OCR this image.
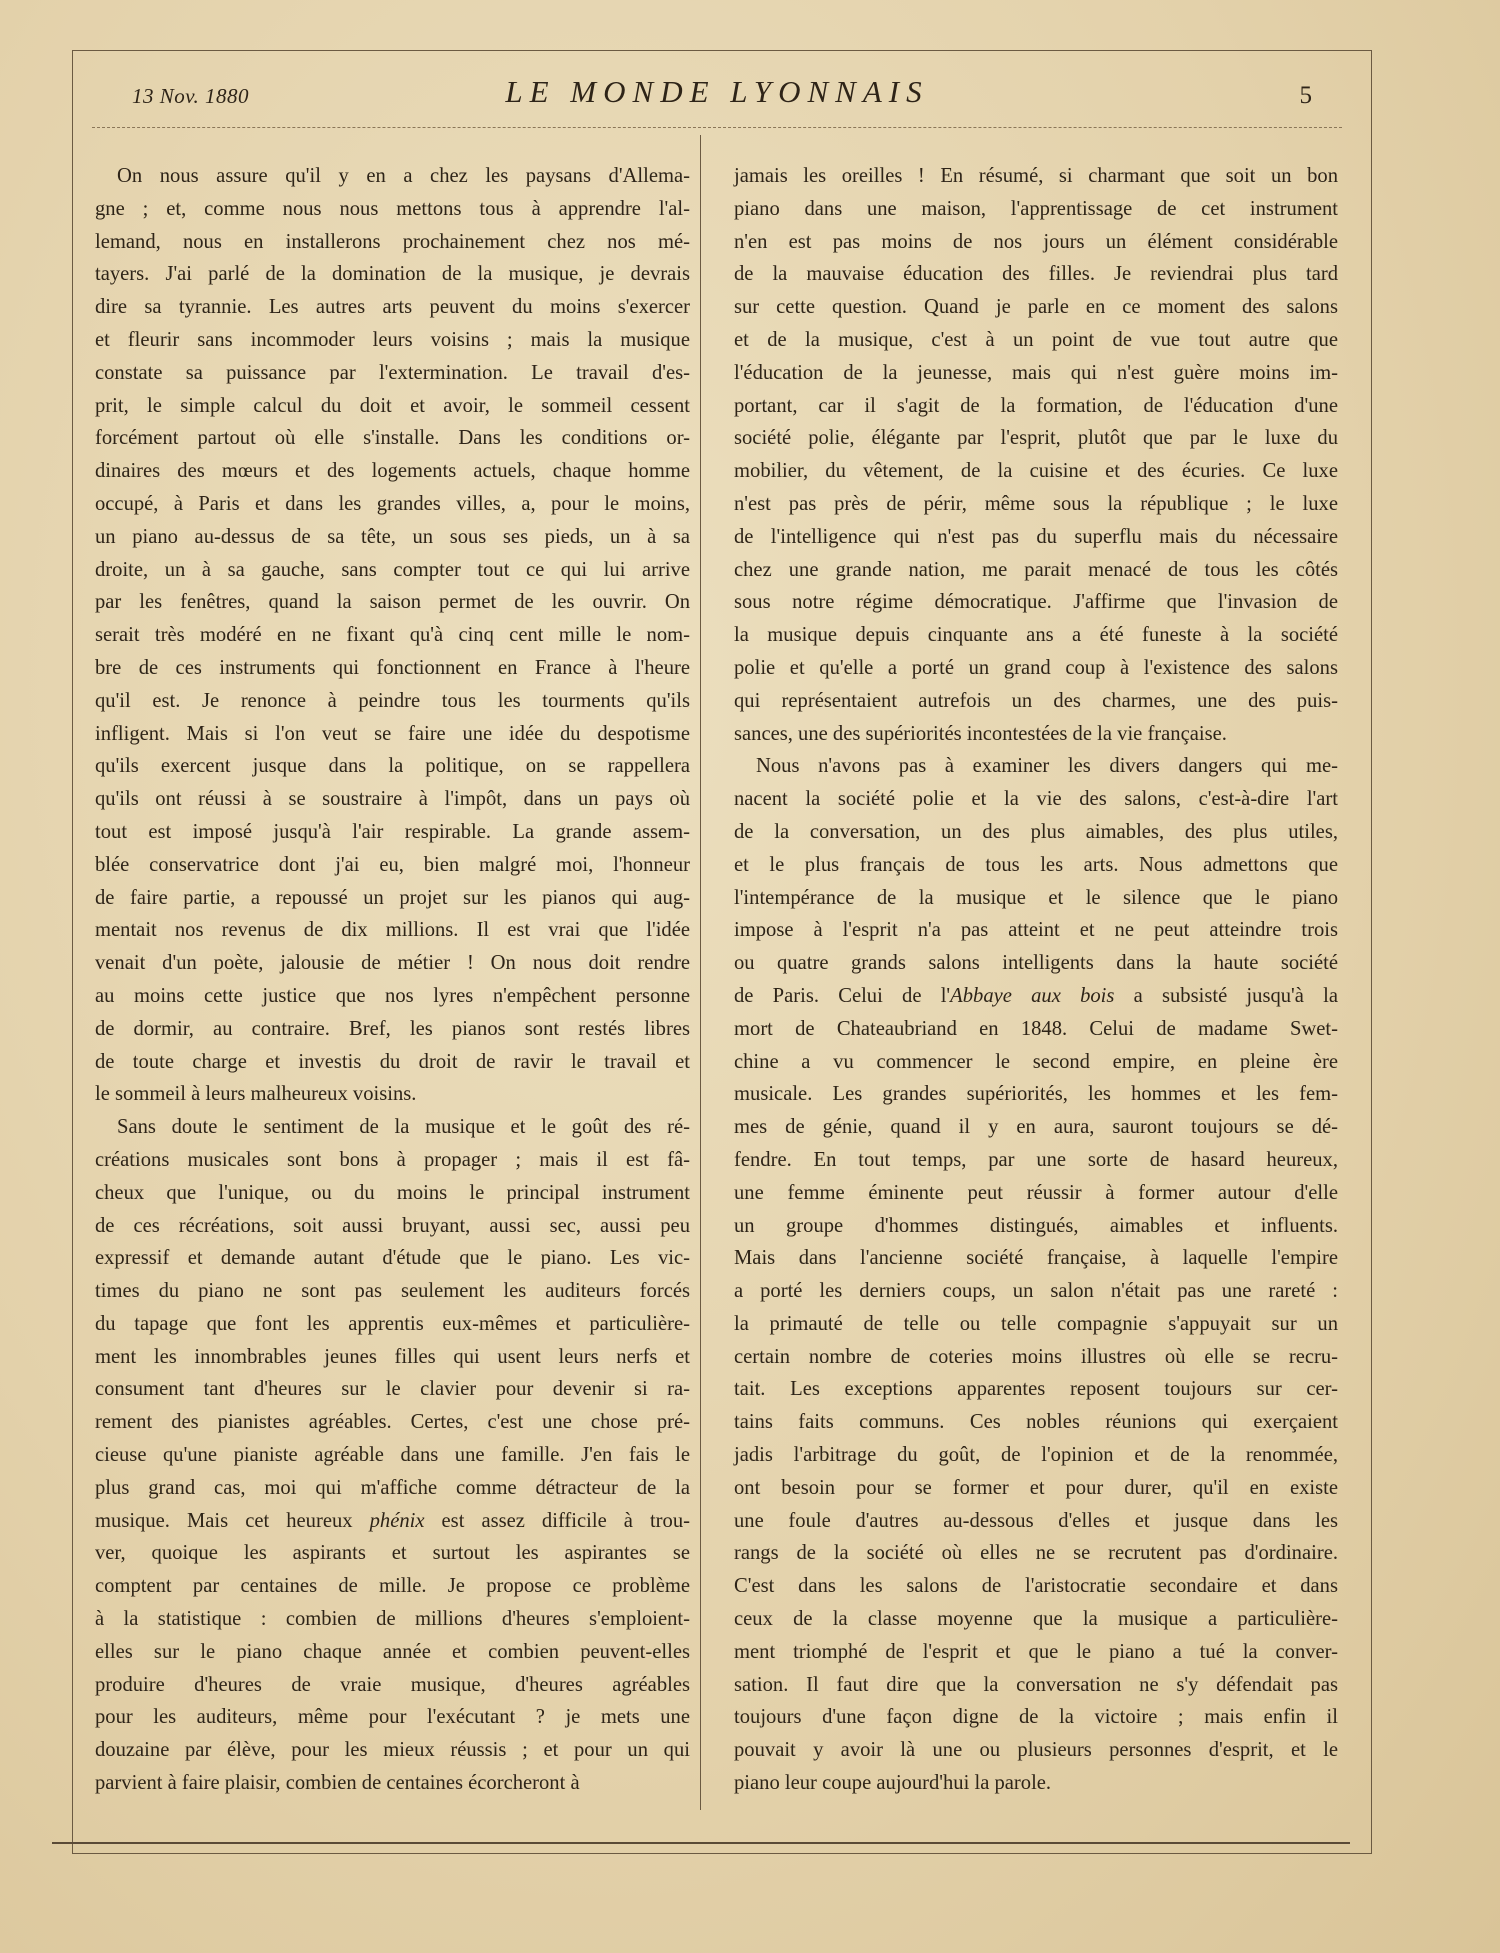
13 Nov. 1880	LE MONDE LYONNAIS	5
On nous assure qu'il y en a chez les paysans d'Allema-
gne ; et, comme nous nous mettons tous à apprendre l'al-
lemand, nous en installerons prochainement chez nos mé-
tayers. J'ai parlé de la domination de la musique, je devrais
dire sa tyrannie. Les autres arts peuvent du moins s'exercer
et fleurir sans incommoder leurs voisins ; mais la musique
constate sa puissance par l'extermination. Le travail d'es-
prit, le simple calcul du doit et avoir, le sommeil cessent
forcément partout où elle s'installe. Dans les conditions or-
dinaires des mœurs et des logements actuels, chaque homme
occupé, à Paris et dans les grandes villes, a, pour le moins,
un piano au-dessus de sa tête, un sous ses pieds, un à sa
droite, un à sa gauche, sans compter tout ce qui lui arrive
par les fenêtres, quand la saison permet de les ouvrir. On
serait très modéré en ne fixant qu'à cinq cent mille le nom-
bre de ces instruments qui fonctionnent en France à l'heure
qu'il est. Je renonce à peindre tous les tourments qu'ils
infligent. Mais si l'on veut se faire une idée du despotisme
qu'ils exercent jusque dans la politique, on se rappellera
qu'ils ont réussi à se soustraire à l'impôt, dans un pays où
tout est imposé jusqu'à l'air respirable. La grande assem-
blée conservatrice dont j'ai eu, bien malgré moi, l'honneur
de faire partie, a repoussé un projet sur les pianos qui aug-
mentait nos revenus de dix millions. Il est vrai que l'idée
venait d'un poète, jalousie de métier ! On nous doit rendre
au moins cette justice que nos lyres n'empêchent personne
de dormir, au contraire. Bref, les pianos sont restés libres
de toute charge et investis du droit de ravir le travail et
le sommeil à leurs malheureux voisins.
Sans doute le sentiment de la musique et le goût des ré-
créations musicales sont bons à propager ; mais il est fâ-
cheux que l'unique, ou du moins le principal instrument
de ces récréations, soit aussi bruyant, aussi sec, aussi peu
expressif et demande autant d'étude que le piano. Les vic-
times du piano ne sont pas seulement les auditeurs forcés
du tapage que font les apprentis eux-mêmes et particulière-
ment les innombrables jeunes filles qui usent leurs nerfs et
consument tant d'heures sur le clavier pour devenir si ra-
rement des pianistes agréables. Certes, c'est une chose pré-
cieuse qu'une pianiste agréable dans une famille. J'en fais le
plus grand cas, moi qui m'affiche comme détracteur de la
musique. Mais cet heureux phénix est assez difficile à trou-
ver, quoique les aspirants et surtout les aspirantes se
comptent par centaines de mille. Je propose ce problème
à la statistique : combien de millions d'heures s'emploient-
elles sur le piano chaque année et combien peuvent-elles
produire d'heures de vraie musique, d'heures agréables
pour les auditeurs, même pour l'exécutant ? je mets une
douzaine par élève, pour les mieux réussis ; et pour un qui
parvient à faire plaisir, combien de centaines écorcheront à
jamais les oreilles ! En résumé, si charmant que soit un bon
piano dans une maison, l'apprentissage de cet instrument
n'en est pas moins de nos jours un élément considérable
de la mauvaise éducation des filles. Je reviendrai plus tard
sur cette question. Quand je parle en ce moment des salons
et de la musique, c'est à un point de vue tout autre que
l'éducation de la jeunesse, mais qui n'est guère moins im-
portant, car il s'agit de la formation, de l'éducation d'une
société polie, élégante par l'esprit, plutôt que par le luxe du
mobilier, du vêtement, de la cuisine et des écuries. Ce luxe
n'est pas près de périr, même sous la république ; le luxe
de l'intelligence qui n'est pas du superflu mais du nécessaire
chez une grande nation, me parait menacé de tous les côtés
sous notre régime démocratique. J'affirme que l'invasion de
la musique depuis cinquante ans a été funeste à la société
polie et qu'elle a porté un grand coup à l'existence des salons
qui représentaient autrefois un des charmes, une des puis-
sances, une des supériorités incontestées de la vie française.
Nous n'avons pas à examiner les divers dangers qui me-
nacent la société polie et la vie des salons, c'est-à-dire l'art
de la conversation, un des plus aimables, des plus utiles,
et le plus français de tous les arts. Nous admettons que
l'intempérance de la musique et le silence que le piano
impose à l'esprit n'a pas atteint et ne peut atteindre trois
ou quatre grands salons intelligents dans la haute société
de Paris. Celui de l'Abbaye aux bois a subsisté jusqu'à la
mort de Chateaubriand en 1848. Celui de madame Swet-
chine a vu commencer le second empire, en pleine ère
musicale. Les grandes supériorités, les hommes et les fem-
mes de génie, quand il y en aura, sauront toujours se dé-
fendre. En tout temps, par une sorte de hasard heureux,
une femme éminente peut réussir à former autour d'elle
un groupe d'hommes distingués, aimables et influents.
Mais dans l'ancienne société française, à laquelle l'empire
a porté les derniers coups, un salon n'était pas une rareté :
la primauté de telle ou telle compagnie s'appuyait sur un
certain nombre de coteries moins illustres où elle se recru-
tait. Les exceptions apparentes reposent toujours sur cer-
tains faits communs. Ces nobles réunions qui exerçaient
jadis l'arbitrage du goût, de l'opinion et de la renommée,
ont besoin pour se former et pour durer, qu'il en existe
une foule d'autres au-dessous d'elles et jusque dans les
rangs de la société où elles ne se recrutent pas d'ordinaire.
C'est dans les salons de l'aristocratie secondaire et dans
ceux de la classe moyenne que la musique a particulière-
ment triomphé de l'esprit et que le piano a tué la conver-
sation. Il faut dire que la conversation ne s'y défendait pas
toujours d'une façon digne de la victoire ; mais enfin il
pouvait y avoir là une ou plusieurs personnes d'esprit, et le
piano leur coupe aujourd'hui la parole.
